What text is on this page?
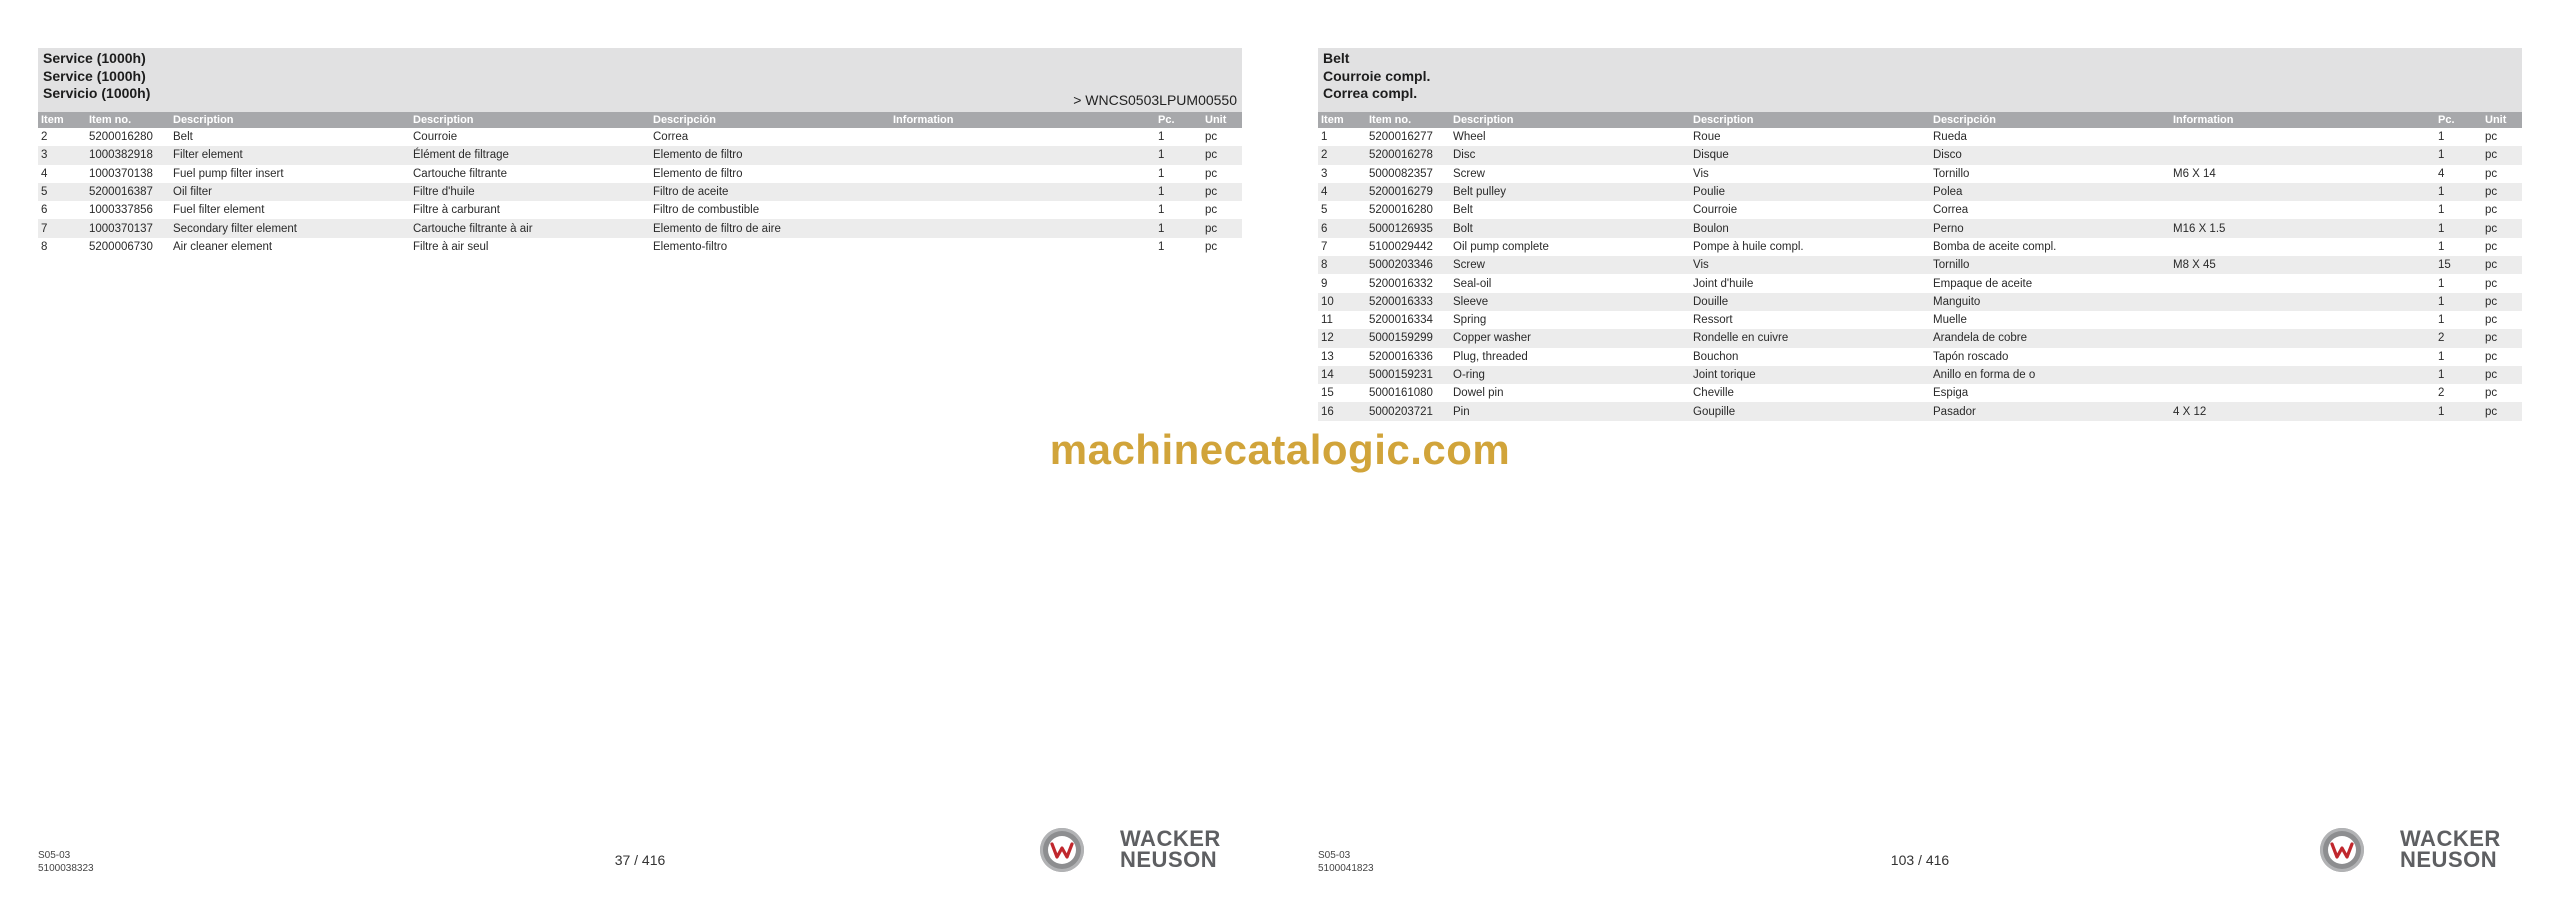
Service (1000h)
Service (1000h)
Servicio (1000h)	> WNCS0503LPUM00550
Item	Item no.	Description	Description	Descripción	Information	Pc.	Unit
2	5200016280	Belt	Courroie	Correa		1	pc
3	1000382918	Filter element	Élément de filtrage	Elemento de filtro		1	pc
4	1000370138	Fuel pump filter insert	Cartouche filtrante	Elemento de filtro		1	pc
5	5200016387	Oil filter	Filtre d'huile	Filtro de aceite		1	pc
6	1000337856	Fuel filter element	Filtre à carburant	Filtro de combustible		1	pc
7	1000370137	Secondary filter element	Cartouche filtrante à air	Elemento de filtro de aire		1	pc
8	5200006730	Air cleaner element	Filtre à air seul	Elemento-filtro		1	pc
S05-03
5100038323	37 / 416
WACKER
NEUSON
Belt
Courroie compl.
Correa compl.
Item	Item no.	Description	Description	Descripción	Information	Pc.	Unit
1	5200016277	Wheel	Roue	Rueda		1	pc
2	5200016278	Disc	Disque	Disco		1	pc
3	5000082357	Screw	Vis	Tornillo	M6 X 14	4	pc
4	5200016279	Belt pulley	Poulie	Polea		1	pc
5	5200016280	Belt	Courroie	Correa		1	pc
6	5000126935	Bolt	Boulon	Perno	M16 X 1.5	1	pc
7	5100029442	Oil pump complete	Pompe à huile compl.	Bomba de aceite compl.		1	pc
8	5000203346	Screw	Vis	Tornillo	M8 X 45	15	pc
9	5200016332	Seal-oil	Joint d'huile	Empaque de aceite		1	pc
10	5200016333	Sleeve	Douille	Manguito		1	pc
11	5200016334	Spring	Ressort	Muelle		1	pc
12	5000159299	Copper washer	Rondelle en cuivre	Arandela de cobre		2	pc
13	5200016336	Plug, threaded	Bouchon	Tapón roscado		1	pc
14	5000159231	O-ring	Joint torique	Anillo en forma de o		1	pc
15	5000161080	Dowel pin	Cheville	Espiga		2	pc
16	5000203721	Pin	Goupille	Pasador	4 X 12	1	pc
S05-03
5100041823	103 / 416
WACKER
NEUSON
machinecatalogic.com
